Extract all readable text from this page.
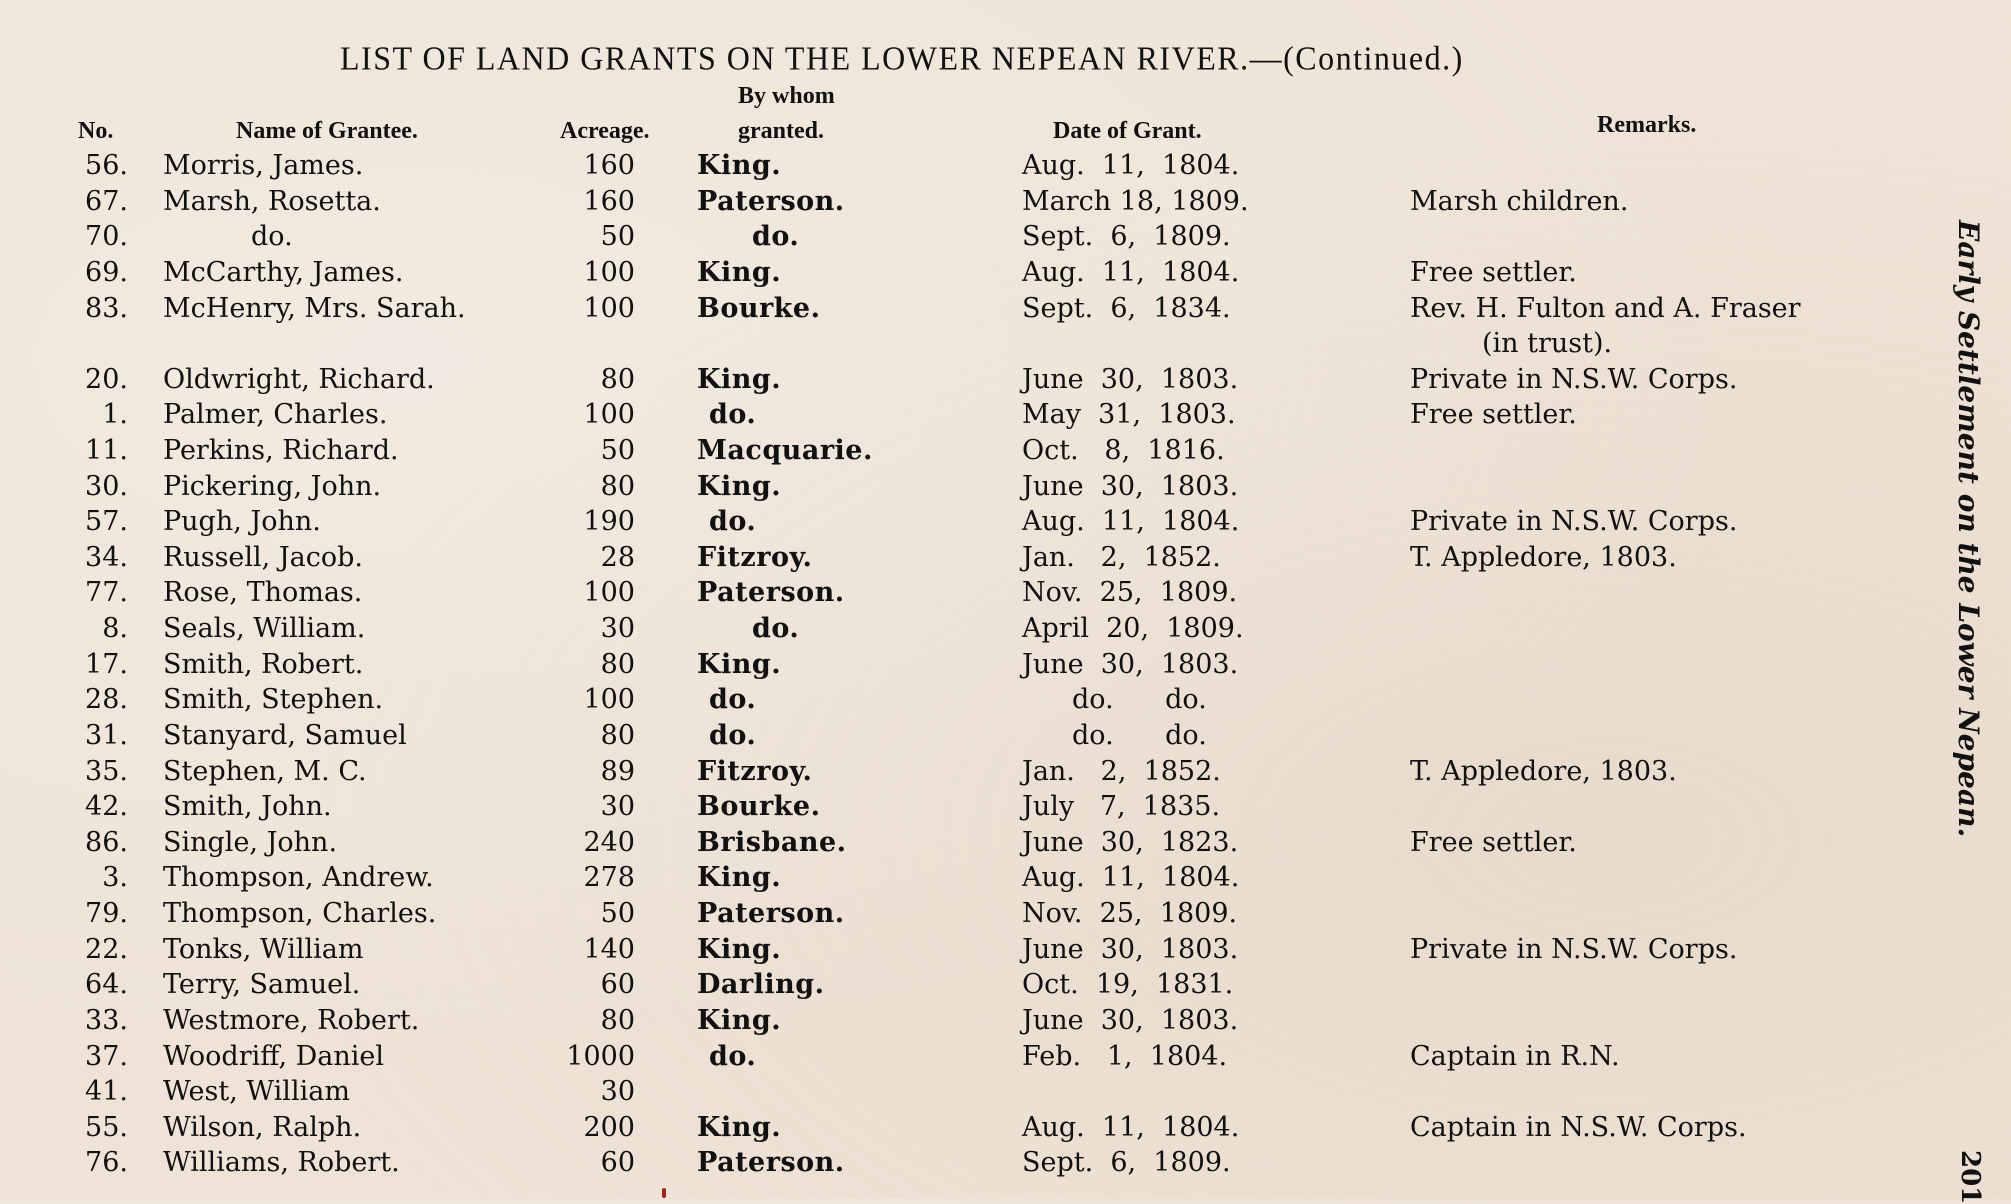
LIST OF LAND GRANTS ON THE LOWER NEPEAN RIVER.—(Continued.)
No.	Name of Grantee.	Acreage.
By whom
granted.	Date of Grant.	Remarks.
56. Morris, James.	160 King.	Aug.  11,  1804.
67. Marsh, Rosetta.	160 Paterson.	March 18, 1809.	Marsh children.
70.	do.	50	do.	Sept.  6,  1809.
69. McCarthy, James.	100 King.	Aug.  11,  1804.	Free settler.
83. McHenry, Mrs. Sarah.	100 Bourke.	Sept.  6,  1834.	Rev. H. Fulton and A. Fraser
(in trust).
20. Oldwright, Richard.	80 King.	June  30,  1803.	Private in N.S.W. Corps.
1. Palmer, Charles.	100	do.	May  31,  1803.	Free settler.
11. Perkins, Richard.	50 Macquarie.	Oct.   8,  1816.
30. Pickering, John.	80 King.	June  30,  1803.
57. Pugh, John.	190	do.	Aug.  11,  1804.	Private in N.S.W. Corps.
34. Russell, Jacob.	28 Fitzroy.	Jan.   2,  1852.	T. Appledore, 1803.
77. Rose, Thomas.	100 Paterson.	Nov.  25,  1809.
8. Seals, William.	30	do.	April  20,  1809.
17. Smith, Robert.	80 King.	June  30,  1803.
28. Smith, Stephen.	100	do.	do.      do.
31. Stanyard, Samuel	80	do.	do.      do.
35. Stephen, M. C.	89 Fitzroy.	Jan.   2,  1852.	T. Appledore, 1803.
42. Smith, John.	30 Bourke.	July   7,  1835.
86. Single, John.	240 Brisbane.	June  30,  1823.	Free settler.
3. Thompson, Andrew.	278 King.	Aug.  11,  1804.
79. Thompson, Charles.	50 Paterson.	Nov.  25,  1809.
22. Tonks, William	140 King.	June  30,  1803.	Private in N.S.W. Corps.
64. Terry, Samuel.	60 Darling.	Oct.  19,  1831.
33. Westmore, Robert.	80 King.	June  30,  1803.
37. Woodriff, Daniel	1000	do.	Feb.   1,  1804.	Captain in R.N.
41. West, William	30
55. Wilson, Ralph.	200 King.	Aug.  11,  1804.	Captain in N.S.W. Corps.
76. Williams, Robert.	60 Paterson.	Sept.  6,  1809.
Early Settlement on the Lower Nepean.
201
